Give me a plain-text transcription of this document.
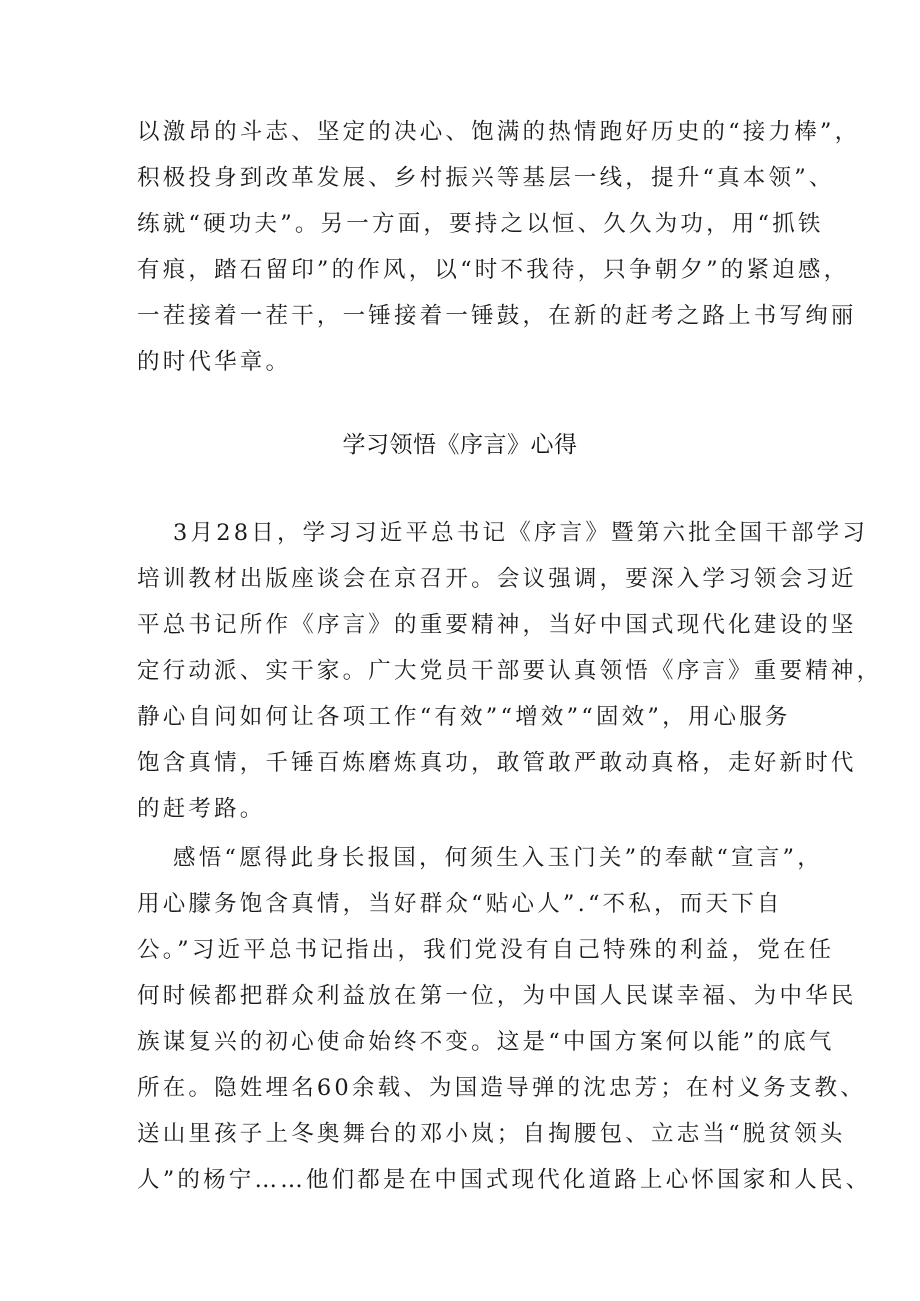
以激昂的斗志、坚定的决心、饱满的热情跑好历史的“接力棒”，
积极投身到改革发展、乡村振兴等基层一线，提升“真本领”、
练就“硬功夫”。另一方面，要持之以恒、久久为功，用“抓铁
有痕，踏石留印”的作风，以“时不我待，只争朝夕”的紧迫感，
一茬接着一茬干，一锤接着一锤鼓，在新的赶考之路上书写绚丽
的时代华章。
学习领悟《序言》心得
3月28日，学习习近平总书记《序言》暨第六批全国干部学习
培训教材出版座谈会在京召开。会议强调，要深入学习领会习近
平总书记所作《序言》的重要精神，当好中国式现代化建设的坚
定行动派、实干家。广大党员干部要认真领悟《序言》重要精神，
静心自问如何让各项工作“有效”“增效”“固效”，用心服务
饱含真情，千锤百炼磨炼真功，敢管敢严敢动真格，走好新时代
的赶考路。
感悟“愿得此身长报国，何须生入玉门关”的奉献“宣言”，
用心朦务饱含真情，当好群众“贴心人”.“不私，而天下自
公。”习近平总书记指出，我们党没有自己特殊的利益，党在任
何时候都把群众利益放在第一位，为中国人民谋幸福、为中华民
族谋复兴的初心使命始终不变。这是“中国方案何以能”的底气
所在。隐姓埋名60余载、为国造导弹的沈忠芳；在村义务支教、
送山里孩子上冬奥舞台的邓小岚；自掏腰包、立志当“脱贫领头
人”的杨宁……他们都是在中国式现代化道路上心怀国家和人民、
